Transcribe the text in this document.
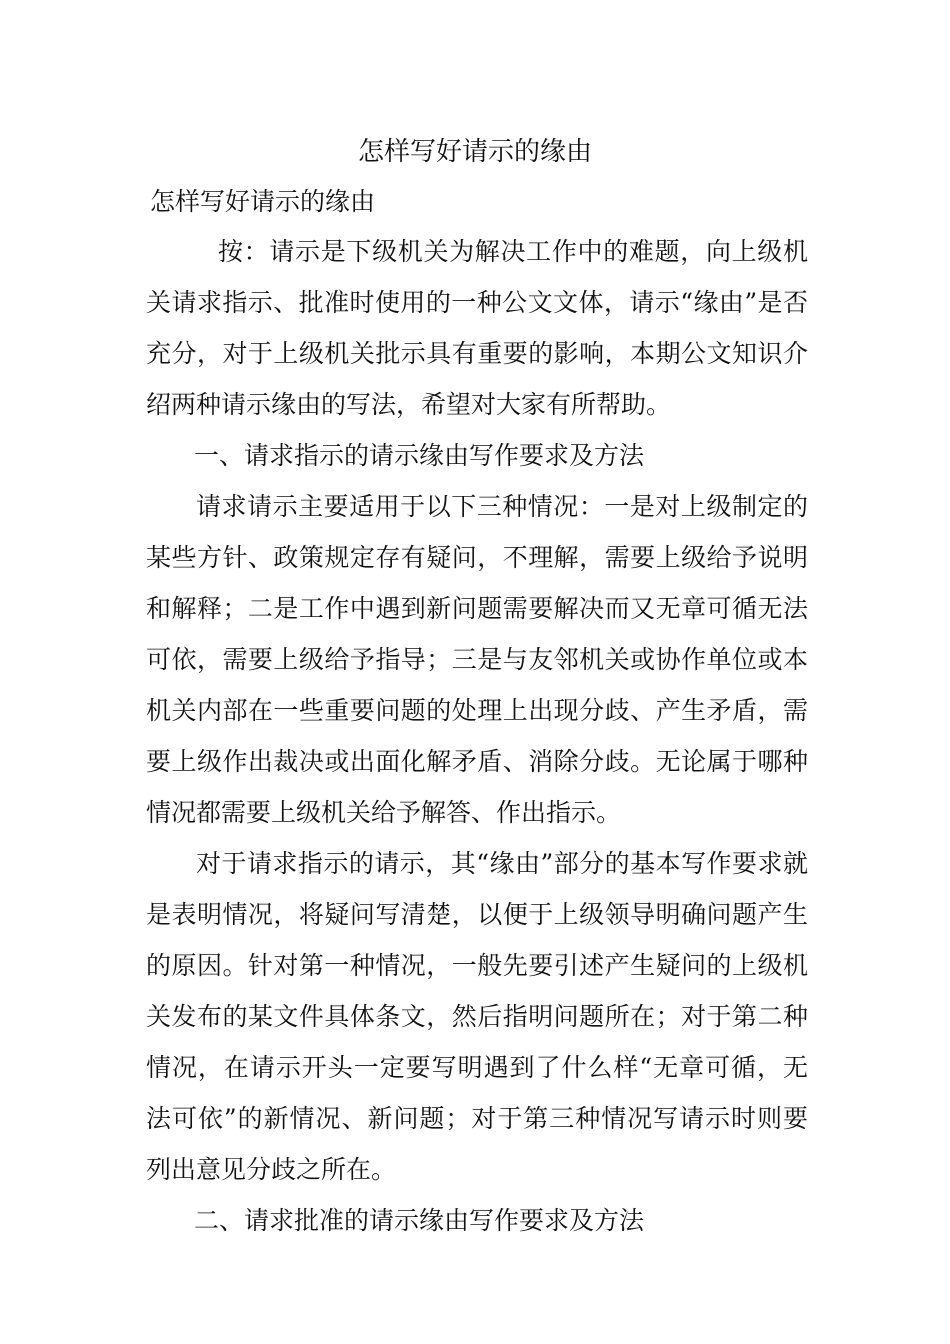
怎样写好请示的缘由
怎样写好请示的缘由

按：请示是下级机关为解决工作中的难题，向上级机关请求指示、批准时使用的一种公文文体，请示“缘由”是否充分，对于上级机关批示具有重要的影响，本期公文知识介绍两种请示缘由的写法，希望对大家有所帮助。

一、请求指示的请示缘由写作要求及方法

请求请示主要适用于以下三种情况：一是对上级制定的某些方针、政策规定存有疑问，不理解，需要上级给予说明和解释；二是工作中遇到新问题需要解决而又无章可循无法可依，需要上级给予指导；三是与友邻机关或协作单位或本机关内部在一些重要问题的处理上出现分歧、产生矛盾，需要上级作出裁决或出面化解矛盾、消除分歧。无论属于哪种情况都需要上级机关给予解答、作出指示。

对于请求指示的请示，其“缘由”部分的基本写作要求就是表明情况，将疑问写清楚，以便于上级领导明确问题产生的原因。针对第一种情况，一般先要引述产生疑问的上级机关发布的某文件具体条文，然后指明问题所在；对于第二种情况，在请示开头一定要写明遇到了什么样“无章可循，无法可依”的新情况、新问题；对于第三种情况写请示时则要列出意见分歧之所在。

二、请求批准的请示缘由写作要求及方法
